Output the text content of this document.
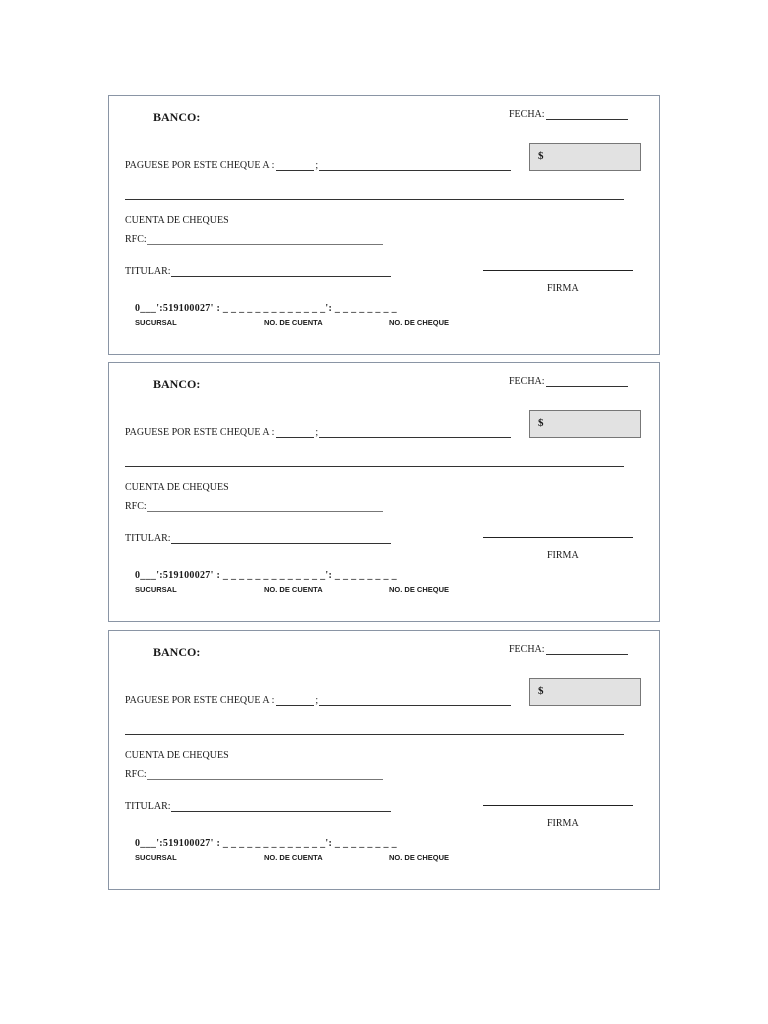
BANCO:	FECHA:
$
PAGUESE POR ESTE CHEQUE A :	;
CUENTA DE CHEQUES
RFC:
TITULAR:
FIRMA
0___':519100027' : _ _ _ _ _ _ _ _ _ _ _ _ _': _ _ _ _ _ _ _ _
SUCURSAL	NO. DE CUENTA	NO. DE CHEQUE
BANCO:	FECHA:
$
PAGUESE POR ESTE CHEQUE A :	;
CUENTA DE CHEQUES
RFC:
TITULAR:
FIRMA
0___':519100027' : _ _ _ _ _ _ _ _ _ _ _ _ _': _ _ _ _ _ _ _ _
SUCURSAL	NO. DE CUENTA	NO. DE CHEQUE
BANCO:	FECHA:
$
PAGUESE POR ESTE CHEQUE A :	;
CUENTA DE CHEQUES
RFC:
TITULAR:
FIRMA
0___':519100027' : _ _ _ _ _ _ _ _ _ _ _ _ _': _ _ _ _ _ _ _ _
SUCURSAL	NO. DE CUENTA	NO. DE CHEQUE
